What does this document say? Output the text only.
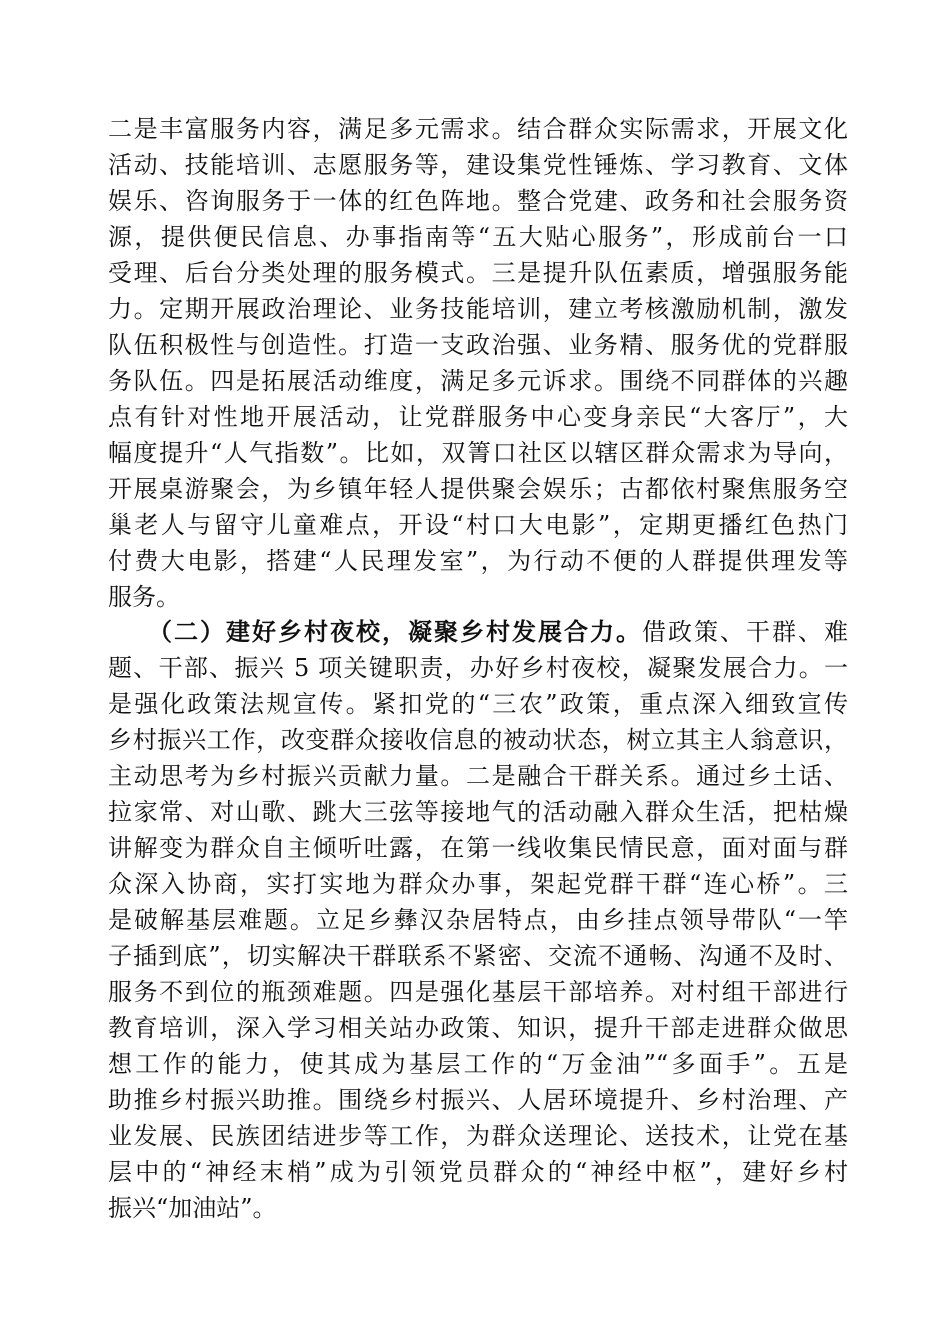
二是丰富服务内容，满足多元需求。结合群众实际需求，开展文化
活动、技能培训、志愿服务等，建设集党性锤炼、学习教育、文体
娱乐、咨询服务于一体的红色阵地。整合党建、政务和社会服务资
源，提供便民信息、办事指南等“五大贴心服务”，形成前台一口
受理、后台分类处理的服务模式。三是提升队伍素质，增强服务能
力。定期开展政治理论、业务技能培训，建立考核激励机制，激发
队伍积极性与创造性。打造一支政治强、业务精、服务优的党群服
务队伍。四是拓展活动维度，满足多元诉求。围绕不同群体的兴趣
点有针对性地开展活动，让党群服务中心变身亲民“大客厅”，大
幅度提升“人气指数”。比如，双箐口社区以辖区群众需求为导向，
开展桌游聚会，为乡镇年轻人提供聚会娱乐；古都依村聚焦服务空
巢老人与留守儿童难点，开设“村口大电影”，定期更播红色热门
付费大电影，搭建“人民理发室”，为行动不便的人群提供理发等
服务。
（二）建好乡村夜校，凝聚乡村发展合力。借政策、干群、难
题、干部、振兴 5 项关键职责，办好乡村夜校，凝聚发展合力。一
是强化政策法规宣传。紧扣党的“三农”政策，重点深入细致宣传
乡村振兴工作，改变群众接收信息的被动状态，树立其主人翁意识，
主动思考为乡村振兴贡献力量。二是融合干群关系。通过乡土话、
拉家常、对山歌、跳大三弦等接地气的活动融入群众生活，把枯燥
讲解变为群众自主倾听吐露，在第一线收集民情民意，面对面与群
众深入协商，实打实地为群众办事，架起党群干群“连心桥”。三
是破解基层难题。立足乡彝汉杂居特点，由乡挂点领导带队“一竿
子插到底”，切实解决干群联系不紧密、交流不通畅、沟通不及时、
服务不到位的瓶颈难题。四是强化基层干部培养。对村组干部进行
教育培训，深入学习相关站办政策、知识，提升干部走进群众做思
想工作的能力，使其成为基层工作的“万金油”“多面手”。五是
助推乡村振兴助推。围绕乡村振兴、人居环境提升、乡村治理、产
业发展、民族团结进步等工作，为群众送理论、送技术，让党在基
层中的“神经末梢”成为引领党员群众的“神经中枢”，建好乡村
振兴“加油站”。
